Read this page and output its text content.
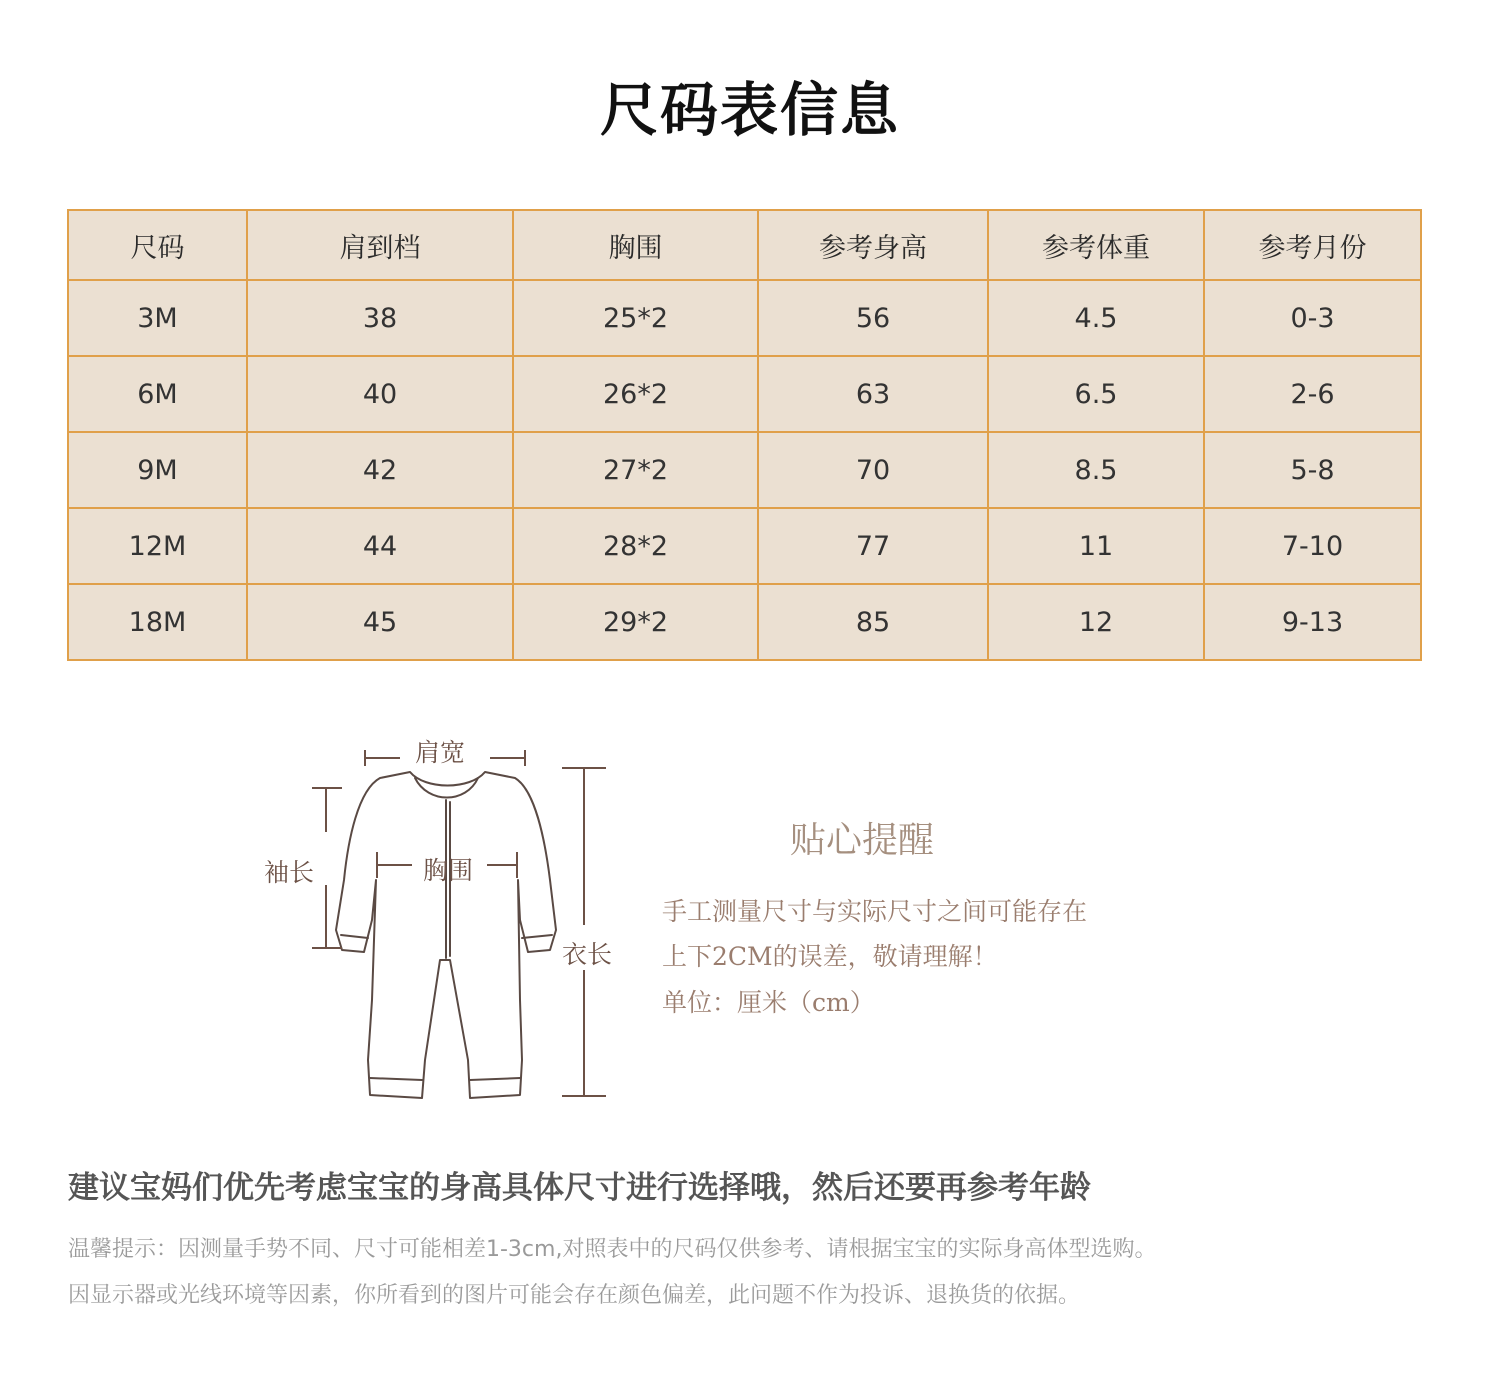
尺码表信息
尺码	肩到档	胸围	参考身高	参考体重	参考月份
3M	38	25*2	56	4.5	0-3
6M	40	26*2	63	6.5	2-6
9M	42	27*2	70	8.5	5-8
12M	44	28*2	77	11	7-10
18M	45	29*2	85	12	9-13
肩宽
袖长	胸围
衣长
贴心提醒
手工测量尺寸与实际尺寸之间可能存在
上下2CM的误差，敬请理解！
单位：厘米（cm）
建议宝妈们优先考虑宝宝的身高具体尺寸进行选择哦，然后还要再参考年龄
温馨提示：因测量手势不同、尺寸可能相差1-3cm,对照表中的尺码仅供参考、请根据宝宝的实际身高体型选购。
因显示器或光线环境等因素，你所看到的图片可能会存在颜色偏差，此问题不作为投诉、退换货的依据。
